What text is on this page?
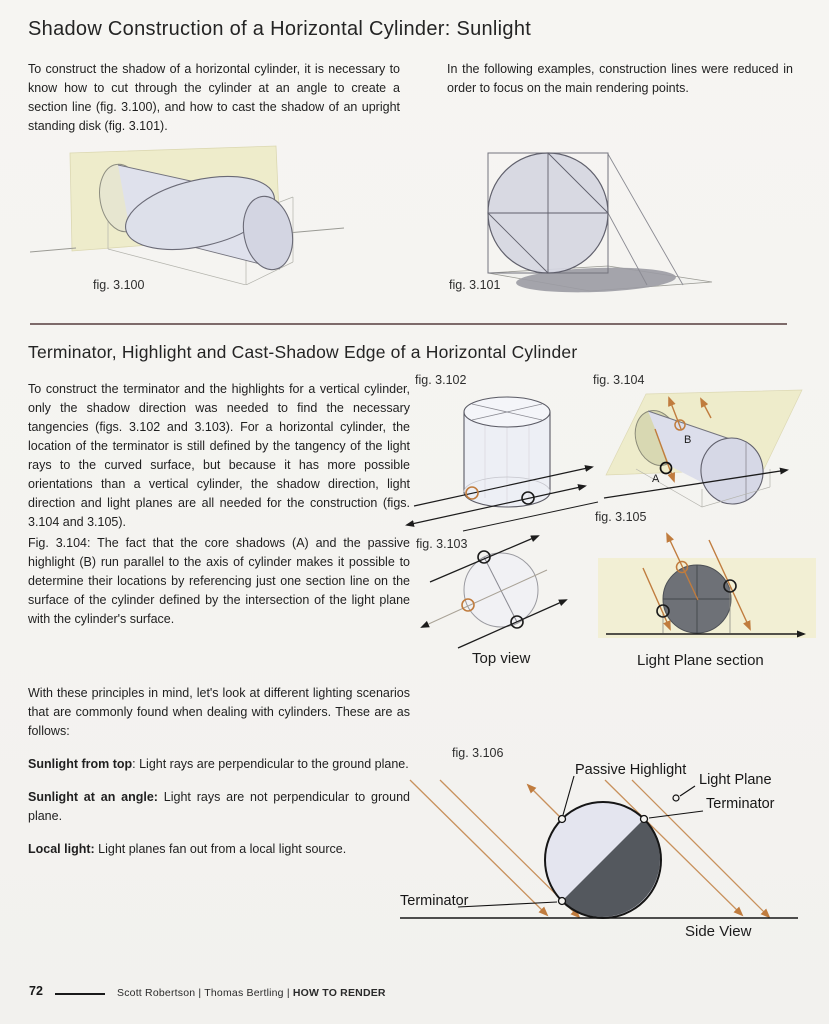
Shadow Construction of a Horizontal Cylinder: Sunlight
To construct the shadow of a horizontal cylinder, it is necessary to know how to cut through the cylinder at an angle to create a section line (fig. 3.100), and how to cast the shadow of an upright standing disk (fig. 3.101).
In the following examples, construction lines were reduced in order to focus on the main rendering points.
fig. 3.100	fig. 3.101
Terminator, Highlight and Cast-Shadow Edge of a Horizontal Cylinder
To construct the terminator and the highlights for a vertical cylinder, only the shadow direction was needed to find the necessary tangencies (figs. 3.102 and 3.103). For a horizontal cylinder, the location of the terminator is still defined by the tangency of the light rays to the curved surface, but because it has more possible orientations than a vertical cylinder, the shadow direction, light direction and light planes are all needed for the construction (figs. 3.104 and 3.105).
Fig. 3.104: The fact that the core shadows (A) and the passive highlight (B) run parallel to the axis of cylinder makes it possible to determine their locations by referencing just one section line on the surface of the cylinder defined by the intersection of the light plane with the cylinder's surface.
With these principles in mind, let's look at different lighting scenarios that are commonly found when dealing with cylinders. These are as follows:
Sunlight from top: Light rays are perpendicular to the ground plane.
Sunlight at an angle: Light rays are not perpendicular to ground plane.
Local light: Light planes fan out from a local light source.
fig. 3.102
fig. 3.103
Top view
fig. 3.104
B
A
fig. 3.105
Light Plane section
fig. 3.106
Passive Highlight
Light Plane
Terminator
Terminator
Side View
72	Scott Robertson | Thomas Bertling | HOW TO RENDER
